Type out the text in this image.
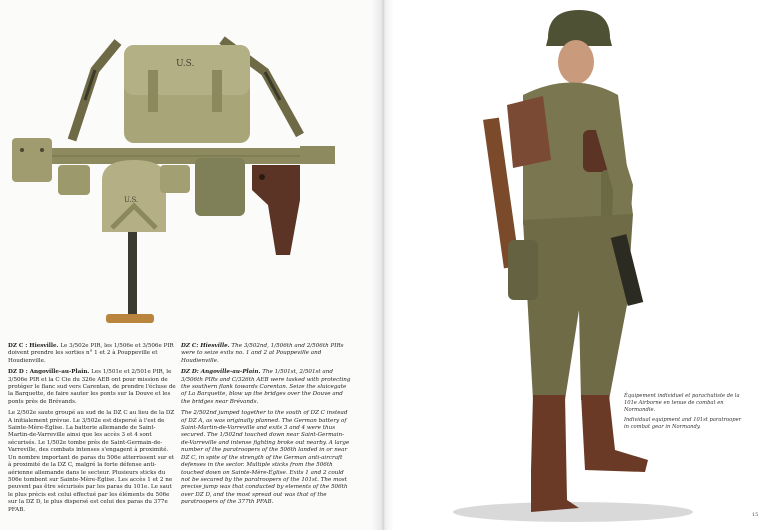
U.S.
U.S.

DZ C : Hiesville. Le 3/502e PIR, les 1/506e et 3/506e PIR doivent prendre les sorties n° 1 et 2 à Pouppeville et Houdienville.

DZ D : Angoville-au-Plain. Les 1/501e et 2/501e PIR, le 3/506e PIR et la C Cie du 326e AEB ont pour mission de protéger le flanc sud vers Carentan, de prendre l'écluse de la Barquette, de faire sauter les ponts sur la Douve et les ponts près de Brévands.

Le 2/502e saute groupé au sud de la DZ C au lieu de la DZ A initialement prévue. Le 3/502e est dispersé à l'est de Sainte-Mère-Église. La batterie allemande de Saint-Martin-de-Varreville ainsi que les accès 3 et 4 sont sécurisés. Le 1/502e tombe près de Saint-Germain-de-Varreville, des combats intenses s'engagent à proximité. Un nombre important de paras du 506e atterrissent sur et à proximité de la DZ C, malgré la forte défense anti-aérienne allemande dans le secteur. Plusieurs sticks du 506e tombent sur Sainte-Mère-Église. Les accès 1 et 2 ne peuvent pas être sécurisés par les paras du 101e. Le saut le plus précis est celui effectué par les éléments du 506e sur la DZ D, le plus dispersé est celui des paras du 377e PFAB.

DZ C: Hiesville. The 3/502nd, 1/506th and 2/506th PIRs were to seize exits no. 1 and 2 at Pouppeville and Houdienville.

DZ D: Angoville-au-Plain. The 1/501st, 2/501st and 3/506th PIRs and C/326th AEB were tasked with protecting the southern flank towards Carentan. Seize the sluicegate of La Barquette, blow up the bridges over the Douve and the bridges near Brévands.

The 2/502nd jumped together to the south of DZ C instead of DZ A, as was originally planned. The German battery of Saint-Martin-de-Varreville and exits 3 and 4 were thus secured. The 1/502nd touched down near Saint-Germain-de-Varreville and intense fighting broke out nearby. A large number of the paratroopers of the 506th landed in or near DZ C, in spite of the strength of the German anti-aircraft defenses in the sector. Multiple sticks from the 506th touched down on Sainte-Mère-Église. Exits 1 and 2 could not be secured by the paratroopers of the 101st. The most precise jump was that conducted by elements of the 506th over DZ D, and the most spread out was that of the paratroopers of the 377th PFAB.

Équipement individuel et parachutiste de la 101e Airborne en tenue de combat en Normandie.
Individual equipment and 101st paratrooper in combat gear in Normandy.
15
